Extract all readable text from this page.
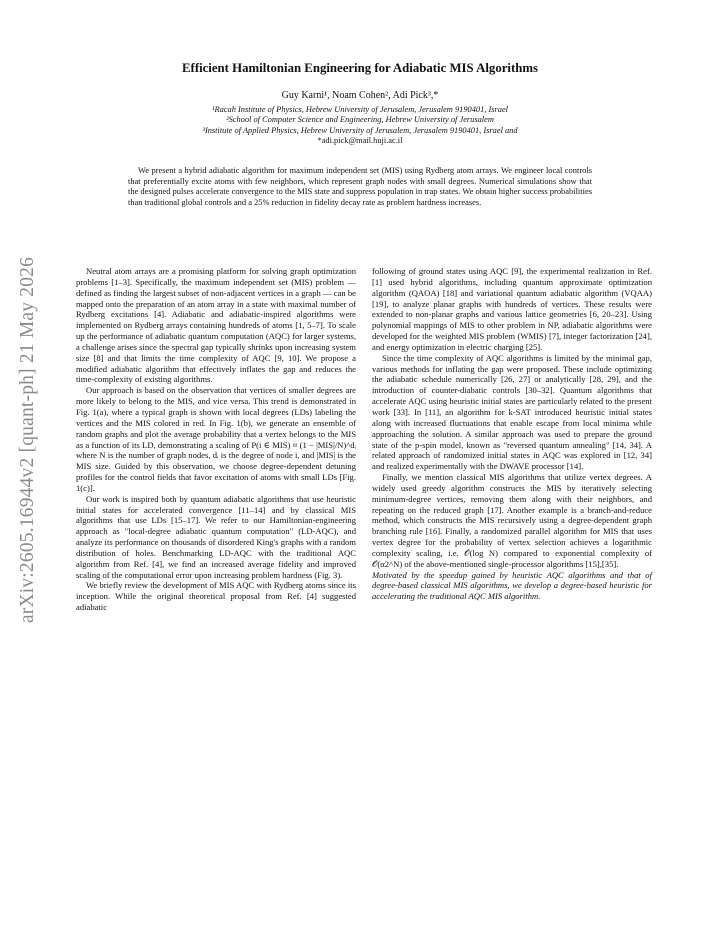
arXiv:2605.16944v2 [quant-ph] 21 May 2026
Efficient Hamiltonian Engineering for Adiabatic MIS Algorithms
Guy Karni¹, Noam Cohen², Adi Pick³,*
¹Racah Institute of Physics, Hebrew University of Jerusalem, Jerusalem 9190401, Israel
²School of Computer Science and Engineering, Hebrew University of Jerusalem
³Institute of Applied Physics, Hebrew University of Jerusalem, Jerusalem 9190401, Israel and
*adi.pick@mail.huji.ac.il
We present a hybrid adiabatic algorithm for maximum independent set (MIS) using Rydberg atom arrays. We engineer local controls that preferentially excite atoms with few neighbors, which represent graph nodes with small degrees. Numerical simulations show that the designed pulses accelerate convergence to the MIS state and suppress population in trap states. We obtain higher success probabilities than traditional global controls and a 25% reduction in fidelity decay rate as problem hardness increases.

Neutral atom arrays are a promising platform for solving graph optimization problems [1–3]. Specifically, the maximum independent set (MIS) problem — defined as finding the largest subset of non-adjacent vertices in a graph — can be mapped onto the preparation of an atom array in a state with maximal number of Rydberg excitations [4]. Adiabatic and adiabatic-inspired algorithms were implemented on Rydberg arrays containing hundreds of atoms [1, 5–7]. To scale up the performance of adiabatic quantum computation (AQC) for larger systems, a challenge arises since the spectral gap typically shrinks upon increasing system size [8] and that limits the time complexity of AQC [9, 10]. We propose a modified adiabatic algorithm that effectively inflates the gap and reduces the time-complexity of existing algorithms.

Our approach is based on the observation that vertices of smaller degrees are more likely to belong to the MIS, and vice versa. This trend is demonstrated in Fig. 1(a), where a typical graph is shown with local degrees (LDs) labeling the vertices and the MIS colored in red. In Fig. 1(b), we generate an ensemble of random graphs and plot the average probability that a vertex belongs to the MIS as a function of its LD, demonstrating a scaling of P(i ∈ MIS) ≈ (1 − |MIS|/N)^dᵢ where N is the number of graph nodes, dᵢ is the degree of node i, and |MIS| is the MIS size. Guided by this observation, we choose degree-dependent detuning profiles for the control fields that favor excitation of atoms with small LDs [Fig. 1(c)].

Our work is inspired both by quantum adiabatic algorithms that use heuristic initial states for accelerated convergence [11–14] and by classical MIS algorithms that use LDs [15–17]. We refer to our Hamiltonian-engineering approach as "local-degree adiabatic quantum computation" (LD-AQC), and analyze its performance on thousands of disordered King's graphs with a random distribution of holes. Benchmarking LD-AQC with the traditional AQC algorithm from Ref. [4], we find an increased average fidelity and improved scaling of the computational error upon increasing problem hardness (Fig. 3).

We briefly review the development of MIS AQC with Rydberg atoms since its inception. While the original theoretical proposal from Ref. [4] suggested adiabatic

following of ground states using AQC [9], the experimental realization in Ref. [1] used hybrid algorithms, including quantum approximate optimization algorithm (QAOA) [18] and variational quantum adiabatic algorithm (VQAA) [19], to analyze planar graphs with hundreds of vertices. These results were extended to non-planar graphs and various lattice geometries [6, 20–23]. Using polynomial mappings of MIS to other problem in NP, adiabatic algorithms were developed for the weighted MIS problem (WMIS) [7], integer factorization [24], and energy optimization in electric charging [25].

Since the time complexity of AQC algorithms is limited by the minimal gap, various methods for inflating the gap were proposed. These include optimizing the adiabatic schedule numerically [26, 27] or analytically [28, 29], and the introduction of counter-diabatic controls [30–32]. Quantum algorithms that accelerate AQC using heuristic initial states are particularly related to the present work [33]. In [11], an algorithm for k-SAT introduced heuristic initial states along with increased fluctuations that enable escape from local minima while approaching the solution. A similar approach was used to prepare the ground state of the p-spin model, known as "reversed quantum annealing" [14, 34]. A related approach of randomized initial states in AQC was explored in [12, 34] and realized experimentally with the DWAVE processor [14].

Finally, we mention classical MIS algorithms that utilize vertex degrees. A widely used greedy algorithm constructs the MIS by iteratively selecting minimum-degree vertices, removing them along with their neighbors, and repeating on the reduced graph [17]. Another example is a branch-and-reduce method, which constructs the MIS recursively using a degree-dependent graph branching rule [16]. Finally, a randomized parallel algorithm for MIS that uses vertex degree for the probability of vertex selection achieves a logarithmic complexity scaling, i.e. 𝒪(log N) compared to exponential complexity of 𝒪(α2^N) of the above-mentioned single-processor algorithms [15],[35].

Motivated by the speedup gained by heuristic AQC algorithms and that of degree-based classical MIS algorithms, we develop a degree-based heuristic for accelerating the traditional AQC MIS algorithm.
